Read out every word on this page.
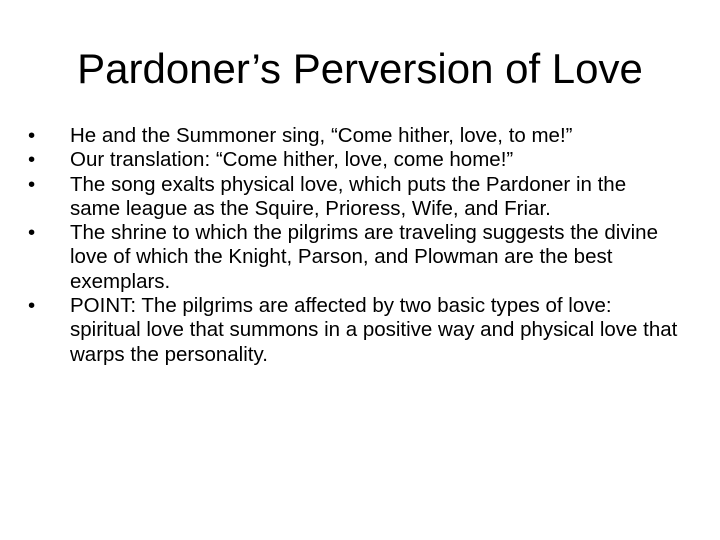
Pardoner’s Perversion of Love
•	He and the Summoner sing, “Come hither, love, to me!”
•	Our translation: “Come hither, love, come home!”
•	The song exalts physical love, which puts the Pardoner in the same league as the Squire, Prioress, Wife, and Friar.
•	The shrine to which the pilgrims are traveling suggests the divine love of which the Knight, Parson, and Plowman are the best exemplars.
•	POINT: The pilgrims are affected by two basic types of love: spiritual love that summons in a positive way and physical love that warps the personality.
